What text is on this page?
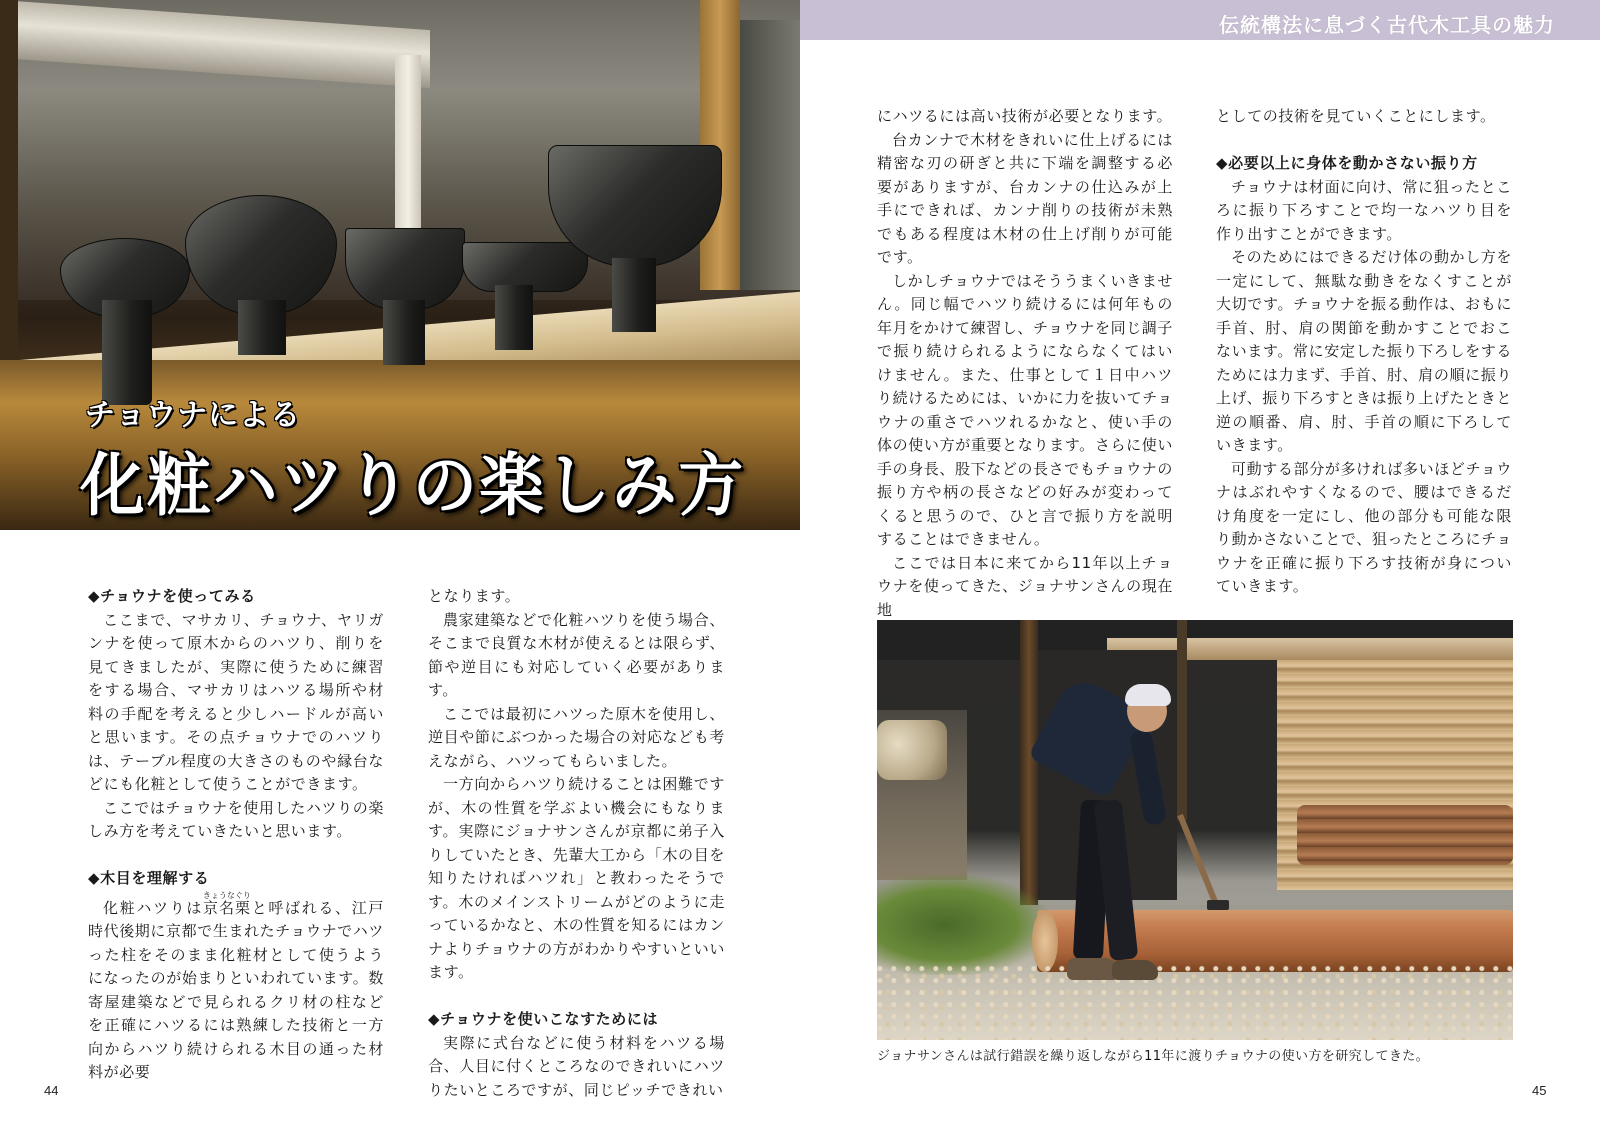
チョウナによる
化粧ハツりの楽しみ方
伝統構法に息づく古代木工具の魅力
◆チョウナを使ってみる

ここまで、マサカリ、チョウナ、ヤリガンナを使って原木からのハツり、削りを見てきましたが、実際に使うために練習をする場合、マサカリはハツる場所や材料の手配を考えると少しハードルが高いと思います。その点チョウナでのハツりは、テーブル程度の大きさのものや縁台などにも化粧として使うことができます。

ここではチョウナを使用したハツりの楽しみ方を考えていきたいと思います。

◆木目を理解する

化粧ハツりは京名栗きょうなぐりと呼ばれる、江戸時代後期に京都で生まれたチョウナでハツった柱をそのまま化粧材として使うようになったのが始まりといわれています。数寄屋建築などで見られるクリ材の柱などを正確にハツるには熟練した技術と一方向からハツり続けられる木目の通った材料が必要

となります。

農家建築などで化粧ハツりを使う場合、そこまで良質な木材が使えるとは限らず、節や逆目にも対応していく必要があります。

ここでは最初にハツった原木を使用し、逆目や節にぶつかった場合の対応なども考えながら、ハツってもらいました。

一方向からハツり続けることは困難ですが、木の性質を学ぶよい機会にもなります。実際にジョナサンさんが京都に弟子入りしていたとき、先輩大工から「木の目を知りたければハツれ」と教わったそうです。木のメインストリームがどのように走っているかなと、木の性質を知るにはカンナよりチョウナの方がわかりやすいといいます。

◆チョウナを使いこなすためには

実際に式台などに使う材料をハツる場合、人目に付くところなのできれいにハツりたいところですが、同じピッチできれい

にハツるには高い技術が必要となります。

台カンナで木材をきれいに仕上げるには精密な刃の研ぎと共に下端を調整する必要がありますが、台カンナの仕込みが上手にできれば、カンナ削りの技術が未熟でもある程度は木材の仕上げ削りが可能です。

しかしチョウナではそううまくいきません。同じ幅でハツり続けるには何年もの年月をかけて練習し、チョウナを同じ調子で振り続けられるようにならなくてはいけません。また、仕事として１日中ハツり続けるためには、いかに力を抜いてチョウナの重さでハツれるかなと、使い手の体の使い方が重要となります。さらに使い手の身長、股下などの長さでもチョウナの振り方や柄の長さなどの好みが変わってくると思うので、ひと言で振り方を説明することはできません。

ここでは日本に来てから11年以上チョウナを使ってきた、ジョナサンさんの現在地

としての技術を見ていくことにします。

◆必要以上に身体を動かさない振り方

チョウナは材面に向け、常に狙ったところに振り下ろすことで均一なハツり目を作り出すことができます。

そのためにはできるだけ体の動かし方を一定にして、無駄な動きをなくすことが大切です。チョウナを振る動作は、おもに手首、肘、肩の関節を動かすことでおこないます。常に安定した振り下ろしをするためには力まず、手首、肘、肩の順に振り上げ、振り下ろすときは振り上げたときと逆の順番、肩、肘、手首の順に下ろしていきます。

可動する部分が多ければ多いほどチョウナはぶれやすくなるので、腰はできるだけ角度を一定にし、他の部分も可能な限り動かさないことで、狙ったところにチョウナを正確に振り下ろす技術が身についていきます。

ジョナサンさんは試行錯誤を繰り返しながら11年に渡りチョウナの使い方を研究してきた。
44	45
